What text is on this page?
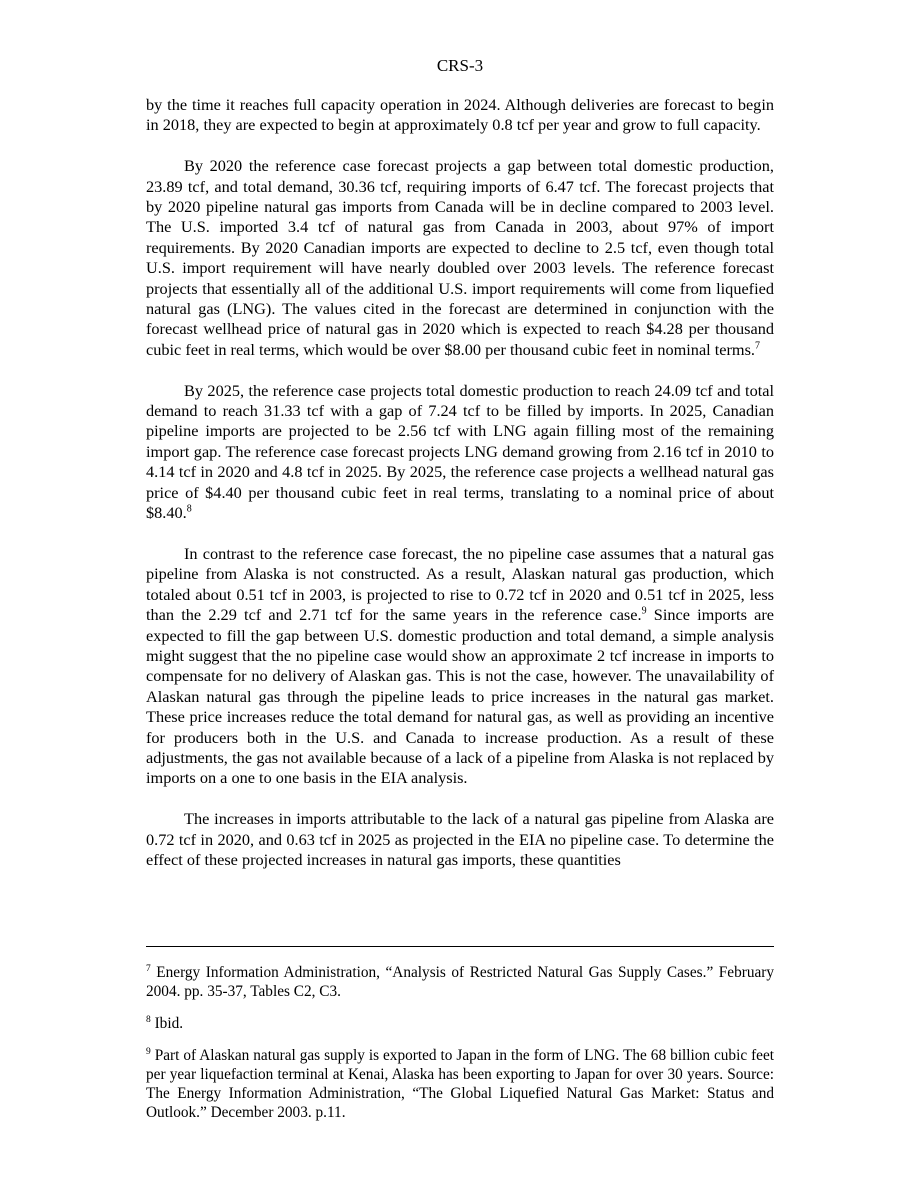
CRS-3

by the time it reaches full capacity operation in 2024. Although deliveries are forecast to begin in 2018, they are expected to begin at approximately 0.8 tcf per year and grow to full capacity.

By 2020 the reference case forecast projects a gap between total domestic production, 23.89 tcf, and total demand, 30.36 tcf, requiring imports of 6.47 tcf. The forecast projects that by 2020 pipeline natural gas imports from Canada will be in decline compared to 2003 level. The U.S. imported 3.4 tcf of natural gas from Canada in 2003, about 97% of import requirements. By 2020 Canadian imports are expected to decline to 2.5 tcf, even though total U.S. import requirement will have nearly doubled over 2003 levels. The reference forecast projects that essentially all of the additional U.S. import requirements will come from liquefied natural gas (LNG). The values cited in the forecast are determined in conjunction with the forecast wellhead price of natural gas in 2020 which is expected to reach $4.28 per thousand cubic feet in real terms, which would be over $8.00 per thousand cubic feet in nominal terms.$^7$

By 2025, the reference case projects total domestic production to reach 24.09 tcf and total demand to reach 31.33 tcf with a gap of 7.24 tcf to be filled by imports. In 2025, Canadian pipeline imports are projected to be 2.56 tcf with LNG again filling most of the remaining import gap. The reference case forecast projects LNG demand growing from 2.16 tcf in 2010 to 4.14 tcf in 2020 and 4.8 tcf in 2025. By 2025, the reference case projects a wellhead natural gas price of $4.40 per thousand cubic feet in real terms, translating to a nominal price of about $8.40.$^8$

In contrast to the reference case forecast, the no pipeline case assumes that a natural gas pipeline from Alaska is not constructed. As a result, Alaskan natural gas production, which totaled about 0.51 tcf in 2003, is projected to rise to 0.72 tcf in 2020 and 0.51 tcf in 2025, less than the 2.29 tcf and 2.71 tcf for the same years in the reference case.$^9$ Since imports are expected to fill the gap between U.S. domestic production and total demand, a simple analysis might suggest that the no pipeline case would show an approximate 2 tcf increase in imports to compensate for no delivery of Alaskan gas. This is not the case, however. The unavailability of Alaskan natural gas through the pipeline leads to price increases in the natural gas market. These price increases reduce the total demand for natural gas, as well as providing an incentive for producers both in the U.S. and Canada to increase production. As a result of these adjustments, the gas not available because of a lack of a pipeline from Alaska is not replaced by imports on a one to one basis in the EIA analysis.

The increases in imports attributable to the lack of a natural gas pipeline from Alaska are 0.72 tcf in 2020, and 0.63 tcf in 2025 as projected in the EIA no pipeline case. To determine the effect of these projected increases in natural gas imports, these quantities

$^7$ Energy Information Administration, “Analysis of Restricted Natural Gas Supply Cases.” February 2004. pp. 35-37, Tables C2, C3.

$^8$ Ibid.

$^9$ Part of Alaskan natural gas supply is exported to Japan in the form of LNG. The 68 billion cubic feet per year liquefaction terminal at Kenai, Alaska has been exporting to Japan for over 30 years. Source: The Energy Information Administration, “The Global Liquefied Natural Gas Market: Status and Outlook.” December 2003. p.11.
